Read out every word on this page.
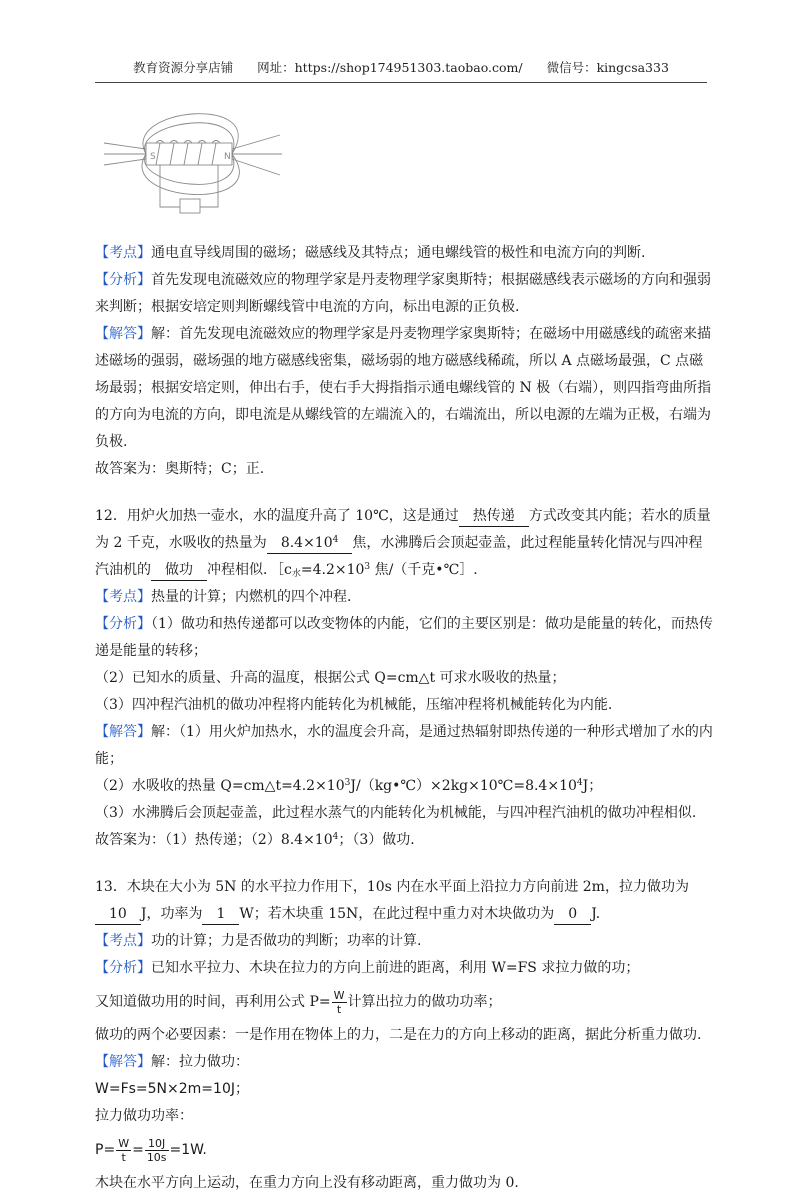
教育资源分享店铺 网址：https://shop174951303.taobao.com/ 微信号：kingcsa333
S	N

【考点】通电直导线周围的磁场；磁感线及其特点；通电螺线管的极性和电流方向的判断.

【分析】首先发现电流磁效应的物理学家是丹麦物理学家奥斯特；根据磁感线表示磁场的方向和强弱来判断；根据安培定则判断螺线管中电流的方向，标出电源的正负极.

【解答】解：首先发现电流磁效应的物理学家是丹麦物理学家奥斯特；在磁场中用磁感线的疏密来描述磁场的强弱，磁场强的地方磁感线密集，磁场弱的地方磁感线稀疏，所以 A 点磁场最强，C 点磁场最弱；根据安培定则，伸出右手，使右手大拇指指示通电螺线管的 N 极（右端），则四指弯曲所指的方向为电流的方向，即电流是从螺线管的左端流入的，右端流出，所以电源的左端为正极，右端为负极.

故答案为：奥斯特；C；正.

12．用炉火加热一壶水，水的温度升高了 10℃，这是通过 热传递 方式改变其内能；若水的质量为 2 千克，水吸收的热量为 $8.4\times 10^4$ 焦，水沸腾后会顶起壶盖，此过程能量转化情况与四冲程汽油机的 做功 冲程相似．$[c_水=4.2\times 10^3$ 焦/（千克•℃］.

【考点】热量的计算；内燃机的四个冲程.

【分析】（1）做功和热传递都可以改变物体的内能，它们的主要区别是：做功是能量的转化，而热传递是能量的转移；

（2）已知水的质量、升高的温度，根据公式 Q=cm△t 可求水吸收的热量；

（3）四冲程汽油机的做功冲程将内能转化为机械能，压缩冲程将机械能转化为内能.

【解答】解：（1）用火炉加热水，水的温度会升高，是通过热辐射即热传递的一种形式增加了水的内能；

（2）水吸收的热量 $Q=cm\triangle t=4.2\times 10^3J/(kg•℃)\times 2kg\times 10℃=8.4\times 10^4J$；

（3）水沸腾后会顶起壶盖，此过程水蒸气的内能转化为机械能，与四冲程汽油机的做功冲程相似.

故答案为：（1）热传递；$(2)8.4\times 10^4$；（3）做功.

13．木块在大小为 5N 的水平拉力作用下，10s 内在水平面上沿拉力方向前进 2m，拉力做功为10 J，功率为 1 W；若木块重 15N，在此过程中重力对木块做功为 0 J.

【考点】功的计算；力是否做功的判断；功率的计算.

【分析】已知水平拉力、木块在拉力的方向上前进的距离，利用 W=FS 求拉力做的功；

又知道做功用的时间，再利用公式 $P= \frac{W}{t}$ 计算出拉力的做功功率；

做功的两个必要因素：一是作用在物体上的力，二是在力的方向上移动的距离，据此分析重力做功.

【解答】解：拉力做功：

W=Fs=5N×2m=10J；

拉力做功功率：

$P= \frac{W}{t} = \frac{10J}{10s} =1W$.

木块在水平方向上运动，在重力方向上没有移动距离，重力做功为 0.
